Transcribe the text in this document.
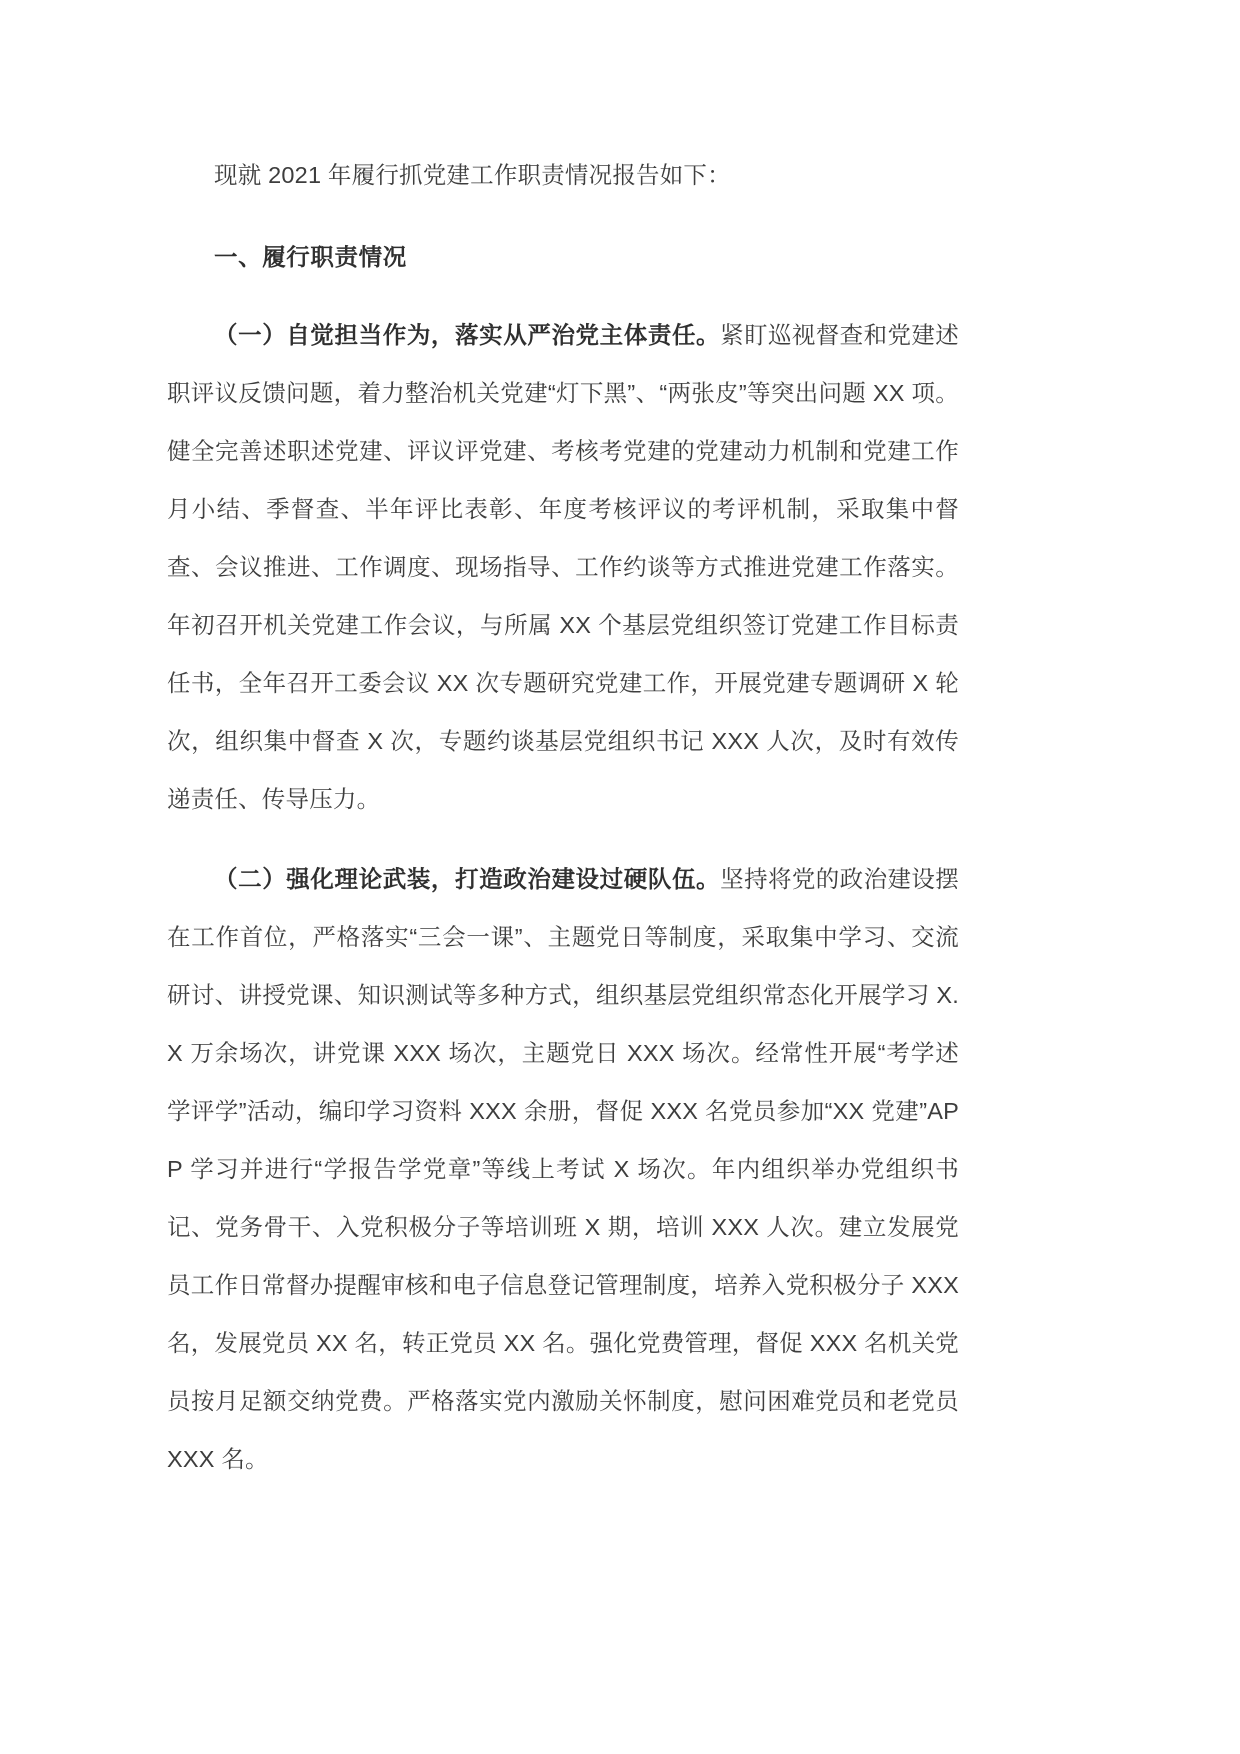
现就 2021 年履行抓党建工作职责情况报告如下：

一、履行职责情况

（一）自觉担当作为，落实从严治党主体责任。紧盯巡视督查和党建述职评议反馈问题，着力整治机关党建“灯下黑”、“两张皮”等突出问题 XX 项。健全完善述职述党建、评议评党建、考核考党建的党建动力机制和党建工作月小结、季督查、半年评比表彰、年度考核评议的考评机制，采取集中督查、会议推进、工作调度、现场指导、工作约谈等方式推进党建工作落实。年初召开机关党建工作会议，与所属 XX 个基层党组织签订党建工作目标责任书，全年召开工委会议 XX 次专题研究党建工作，开展党建专题调研 X 轮次，组织集中督查 X 次，专题约谈基层党组织书记 XXX 人次，及时有效传递责任、传导压力。

（二）强化理论武装，打造政治建设过硬队伍。坚持将党的政治建设摆在工作首位，严格落实“三会一课”、主题党日等制度，采取集中学习、交流研讨、讲授党课、知识测试等多种方式，组织基层党组织常态化开展学习 X.X 万余场次，讲党课 XXX 场次，主题党日 XXX 场次。经常性开展“考学述学评学”活动，编印学习资料 XXX 余册，督促 XXX 名党员参加“XX 党建”APP 学习并进行“学报告学党章”等线上考试 X 场次。年内组织举办党组织书记、党务骨干、入党积极分子等培训班 X 期，培训 XXX 人次。建立发展党员工作日常督办提醒审核和电子信息登记管理制度，培养入党积极分子 XXX 名，发展党员 XX 名，转正党员 XX 名。强化党费管理，督促 XXX 名机关党员按月足额交纳党费。严格落实党内激励关怀制度，慰问困难党员和老党员 XXX 名。
